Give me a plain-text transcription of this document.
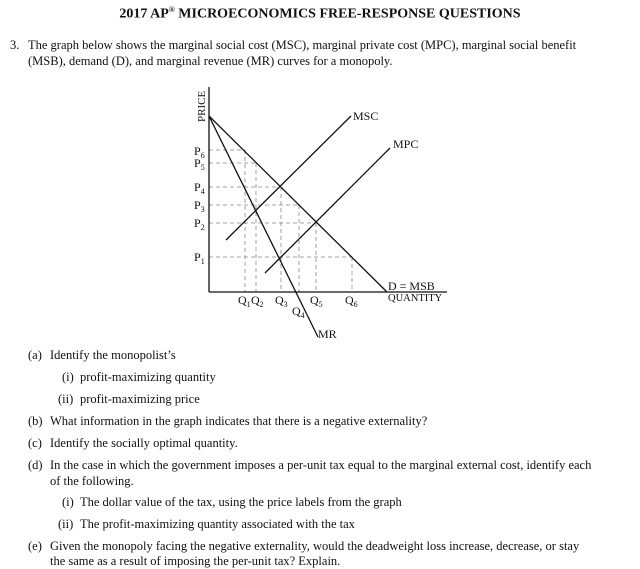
2017 AP® MICROECONOMICS FREE-RESPONSE QUESTIONS
3. The graph below shows the marginal social cost (MSC), marginal private cost (MPC), marginal social benefit
(MSB), demand (D), and marginal revenue (MR) curves for a monopoly.
PRICE
QUANTITY
MSC
MPC
D = MSB
MR
$P_6$
$P_5$
$P_4$
$P_3$
$P_2$
$P_1$
$Q_1$ $Q_2$ $Q_3$ $Q_4$
$Q_5$ $Q_6$
(a) Identify the monopolist’s
(i) profit-maximizing quantity
(ii) profit-maximizing price
(b) What information in the graph indicates that there is a negative externality?
(c) Identify the socially optimal quantity.
(d) In the case in which the government imposes a per-unit tax equal to the marginal external cost, identify each
of the following.
(i) The dollar value of the tax, using the price labels from the graph
(ii) The profit-maximizing quantity associated with the tax
(e) Given the monopoly facing the negative externality, would the deadweight loss increase, decrease, or stay
the same as a result of imposing the per-unit tax? Explain.
